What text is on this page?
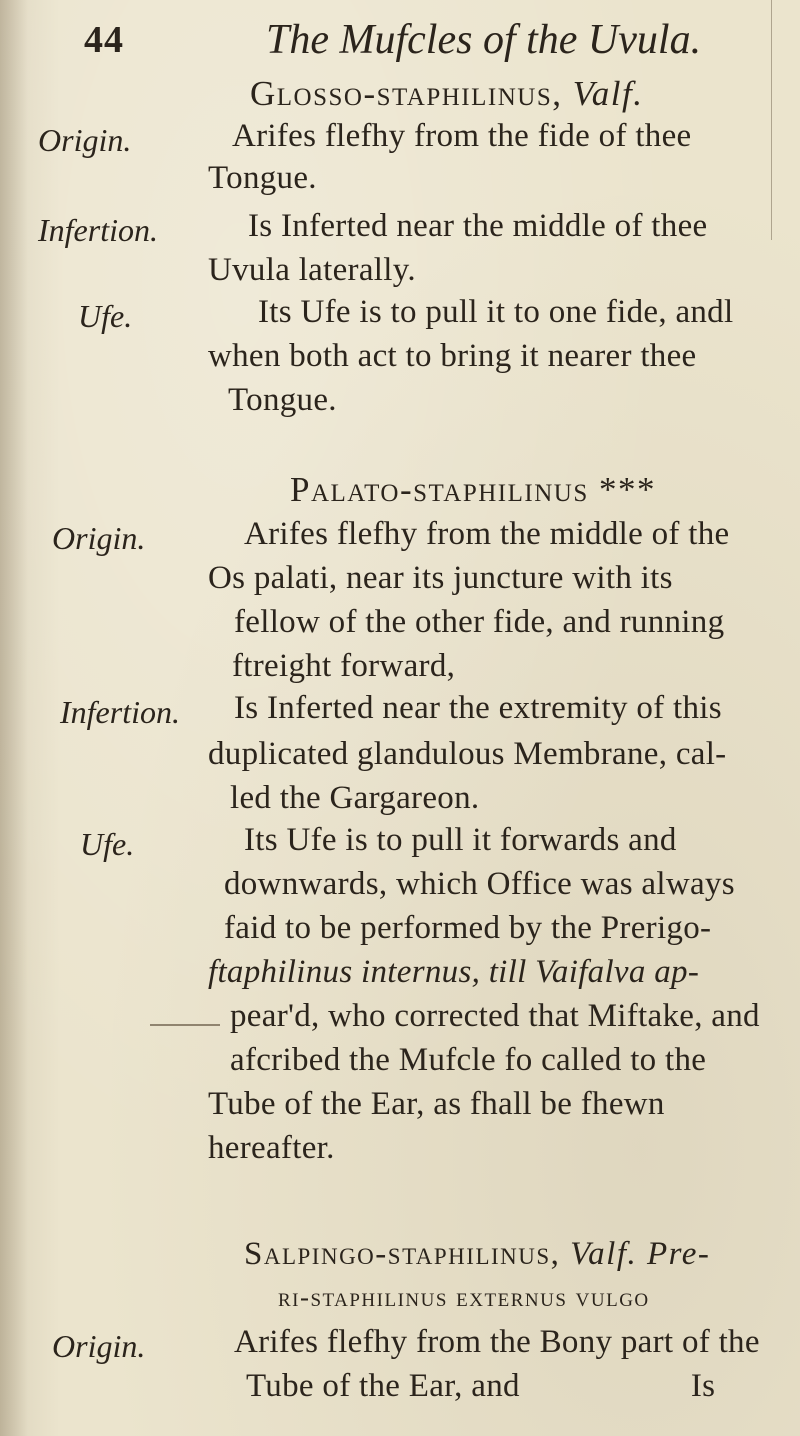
44	The Mufcles of the Uvula.
Glosso-staphilinus, Valf.
Origin.	Arifes flefhy from the fide of thee
Tongue.
Infertion.	Is Inferted near the middle of thee
Uvula laterally.
Ufe.	Its Ufe is to pull it to one fide, andl
when both act to bring it nearer thee
Tongue.
Palato-staphilinus ***
Origin.	Arifes flefhy from the middle of the
Os palati, near its juncture with its
fellow of the other fide, and running
ftreight forward,
Infertion. Is Inferted near the extremity of this
duplicated glandulous Membrane, cal-
led the Gargareon.
Ufe.	Its Ufe is to pull it forwards and
downwards, which Office was always
faid to be performed by the Prerigo-
ftaphilinus internus, till Vaifalva ap-
pear'd, who corrected that Miftake, and
afcribed the Mufcle fo called to the
Tube of the Ear, as fhall be fhewn
hereafter.
Salpingo-staphilinus, Valf. Pre-
ri-staphilinus externus vulgo
Origin.	Arifes flefhy from the Bony part of the
Tube of the Ear, and                    Is
